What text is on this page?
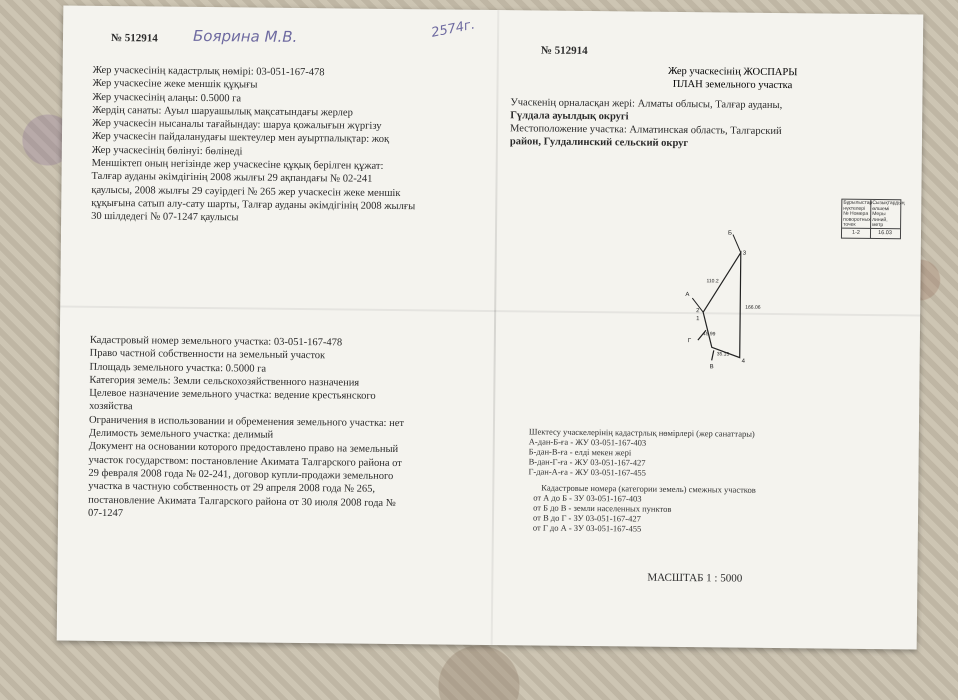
№ 512914 Боярина М.В.	2574г.
Жер учаскесінің кадастрлық нөмірі: 03-051-167-478
Жер учаскесіне жеке меншік құқығы
Жер учаскесінің алаңы: 0.5000 га
Жердің санаты: Ауыл шаруашылық мақсатындағы жерлер
Жер учаскесін нысаналы тағайындау: шаруа қожалығын жүргізу
Жер учаскесін пайдаланудағы шектеулер мен ауыртпалықтар: жоқ
Жер учаскесінің бөлінуі: бөлінеді
Меншіктеп оның негізінде жер учаскесіне құқық берілген құжат:
Талғар ауданы әкімдігінің 2008 жылғы 29 ақпандағы № 02-241
қаулысы, 2008 жылғы 29 сәуірдегі № 265 жер учаскесін жеке меншік
құқығына сатып алу-сату шарты, Талғар ауданы әкімдігінің 2008 жылғы
30 шілдедегі № 07-1247 қаулысы
Кадастровый номер земельного участка: 03-051-167-478
Право частной собственности на земельный участок
Площадь земельного участка: 0.5000 га
Категория земель: Земли сельскохозяйственного назначения
Целевое назначение земельного участка: ведение крестьянского
хозяйства
Ограничения в использовании и обременения земельного участка: нет
Делимость земельного участка: делимый
Документ на основании которого предоставлено право на земельный
участок государством: постановление Акимата Талгарского района от
29 февраля 2008 года № 02-241, договор купли-продажи земельного
участка в частную собственность от 29 апреля 2008 года № 265,
постановление Акимата Талгарского района от 30 июля 2008 года №
07-1247
№ 512914
Жер учаскесінің ЖОСПАРЫ
ПЛАН земельного участка
Учаскенің орналасқан жері: Алматы облысы, Талғар ауданы,
Гүлдала ауылдық округі
Местоположение участка: Алматинская область, Талгарский
район, Гулдалинский сельский округ
Бұрылыстар нүктелері № Номера поворотных точек
1-2
Сызықтардың өлшемі Меры линий, метр
16.03
3
4
2
1
Б
А
Г
В
110.2
166.06
45.99
35.15
Шектесу учаскелерінің кадастрлық нөмірлері (жер санаттары)
А-дан-Б-ға - ЖУ 03-051-167-403
Б-дан-В-ға - елді мекен жері
В-дан-Г-ға - ЖУ 03-051-167-427
Г-дан-А-ға - ЖУ 03-051-167-455
Кадастровые номера (категории земель) смежных участков
от А до Б - ЗУ 03-051-167-403
от Б до В - земли населенных пунктов
от В до Г - ЗУ 03-051-167-427
от Г до А - ЗУ 03-051-167-455
МАСШТАБ 1 : 5000
